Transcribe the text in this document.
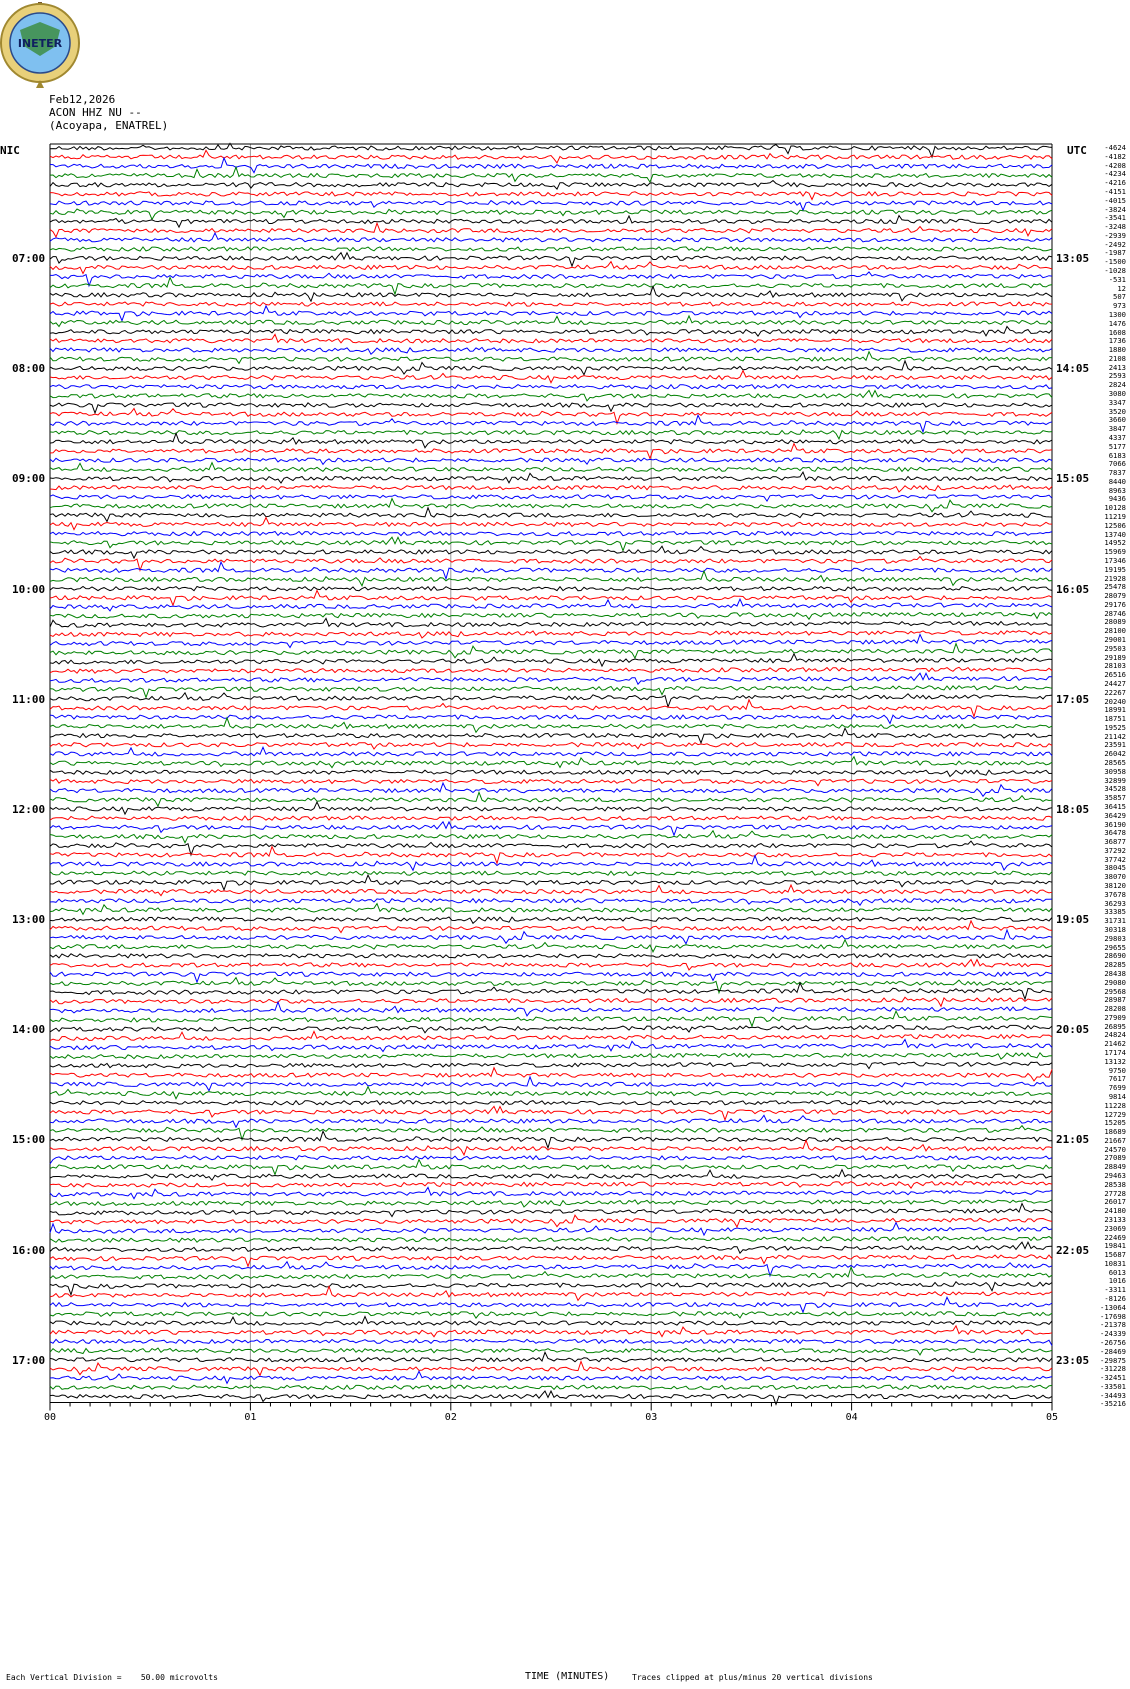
INETER
Feb12,2026
ACON HHZ NU --
(Acoyapa, ENATREL)
NIC	UTC
07:00
08:00
09:00
10:00
11:00
12:00
13:00
14:00
15:00
16:00
17:00
13:05
14:05
15:05
16:05
17:05
18:05
19:05
20:05
21:05
22:05
23:05
-4624
-4182
-4208
-4234
-4216
-4151
-4015
-3824
-3541
-3248
-2939
-2492
-1987
-1500
-1028
-531
12
507
973
1300
1476
1608
1736
1880
2108
2413
2593
2824
3080
3347
3520
3660
3847
4337
5177
6183
7066
7837
8440
8963
9436
10128
11219
12506
13740
14952
15969
17346
19195
21928
25478
28079
29176
28746
28089
28100
29001
29503
29189
28103
26516
24427
22267
20240
18991
18751
19525
21142
23591
26042
28565
30958
32899
34528
35857
36415
36429
36190
36478
36877
37292
37742
38045
38070
38120
37678
36293
33385
31731
30318
29803
29655
28690
28285
28438
29080
29568
28987
28208
27909
26895
24824
21462
17174
13132
9750
7617
7699
9814
11228
12729
15205
18689
21667
24570
27089
28849
29463
28538
27728
26017
24180
23133
23069
22469
19841
15687
10831
6013
1016
-3311
-8126
-13064
-17698
-21378
-24339
-26756
-28469
-29875
-31228
-32451
-33501
-34493
-35216
00	01	02	03	04	05
TIME (MINUTES)
Each Vertical Division =    50.00 microvolts	Traces clipped at plus/minus 20 vertical divisions
